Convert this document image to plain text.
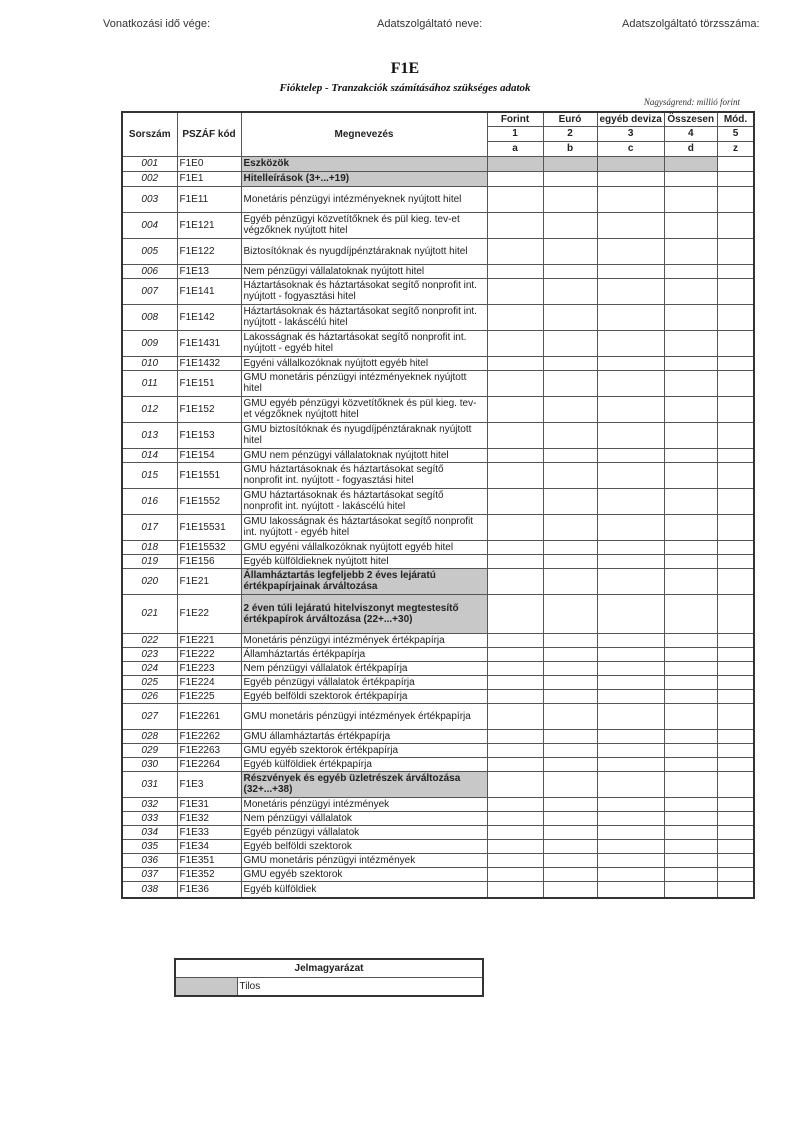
Vonatkozási idő vége:	Adatszolgáltató neve:	Adatszolgáltató törzsszáma:
F1E
Fióktelep - Tranzakciók számításához szükséges adatok
Nagyságrend: millió forint
Sorszám	PSZÁF kód	Megnevezés	Forint	Euró	egyéb deviza	Összesen	Mód.
			1	2	3	4	5
			a	b	c	d	z
001	F1E0	Eszközök					
002	F1E1	Hitelleírások (3+...+19)					
003	F1E11	Monetáris pénzügyi intézményeknek nyújtott hitel					
004	F1E121	Egyéb pénzügyi közvetítőknek és pül kieg. tev-et végzőknek nyújtott hitel					
005	F1E122	Biztosítóknak és nyugdíjpénztáraknak nyújtott hitel					
006	F1E13	Nem pénzügyi vállalatoknak nyújtott hitel					
007	F1E141	Háztartásoknak és háztartásokat segítő nonprofit int. nyújtott - fogyasztási hitel					
008	F1E142	Háztartásoknak és háztartásokat segítő nonprofit int. nyújtott - lakáscélú hitel					
009	F1E1431	Lakosságnak és háztartásokat segítő nonprofit int. nyújtott - egyéb hitel					
010	F1E1432	Egyéni vállalkozóknak nyújtott egyéb hitel					
011	F1E151	GMU monetáris pénzügyi intézményeknek nyújtott hitel					
012	F1E152	GMU egyéb pénzügyi közvetítőknek és pül kieg. tev-et végzőknek nyújtott hitel					
013	F1E153	GMU biztosítóknak és nyugdíjpénztáraknak nyújtott hitel					
014	F1E154	GMU nem pénzügyi vállalatoknak nyújtott hitel					
015	F1E1551	GMU háztartásoknak és háztartásokat segítő nonprofit int. nyújtott - fogyasztási hitel					
016	F1E1552	GMU háztartásoknak és háztartásokat segítő nonprofit int. nyújtott - lakáscélú hitel					
017	F1E15531	GMU lakosságnak és háztartásokat segítő nonprofit int. nyújtott - egyéb hitel					
018	F1E15532	GMU egyéni vállalkozóknak nyújtott egyéb hitel					
019	F1E156	Egyéb külföldieknek nyújtott hitel					
020	F1E21	Államháztartás legfeljebb 2 éves lejáratú értékpapírjainak árváltozása					
021	F1E22	2 éven túli lejáratú hitelviszonyt megtestesítő értékpapírok árváltozása (22+...+30)					
022	F1E221	Monetáris pénzügyi intézmények értékpapírja					
023	F1E222	Államháztartás értékpapírja					
024	F1E223	Nem pénzügyi vállalatok értékpapírja					
025	F1E224	Egyéb pénzügyi vállalatok értékpapírja					
026	F1E225	Egyéb belföldi szektorok értékpapírja					
027	F1E2261	GMU monetáris pénzügyi intézmények értékpapírja					
028	F1E2262	GMU államháztartás értékpapírja					
029	F1E2263	GMU egyéb szektorok értékpapírja					
030	F1E2264	Egyéb külföldiek értékpapírja					
031	F1E3	Részvények és egyéb üzletrészek árváltozása (32+...+38)					
032	F1E31	Monetáris pénzügyi intézmények					
033	F1E32	Nem pénzügyi vállalatok					
034	F1E33	Egyéb pénzügyi vállalatok					
035	F1E34	Egyéb belföldi szektorok					
036	F1E351	GMU monetáris pénzügyi intézmények					
037	F1E352	GMU egyéb szektorok					
038	F1E36	Egyéb külföldiek					
Jelmagyarázat
	Tilos
